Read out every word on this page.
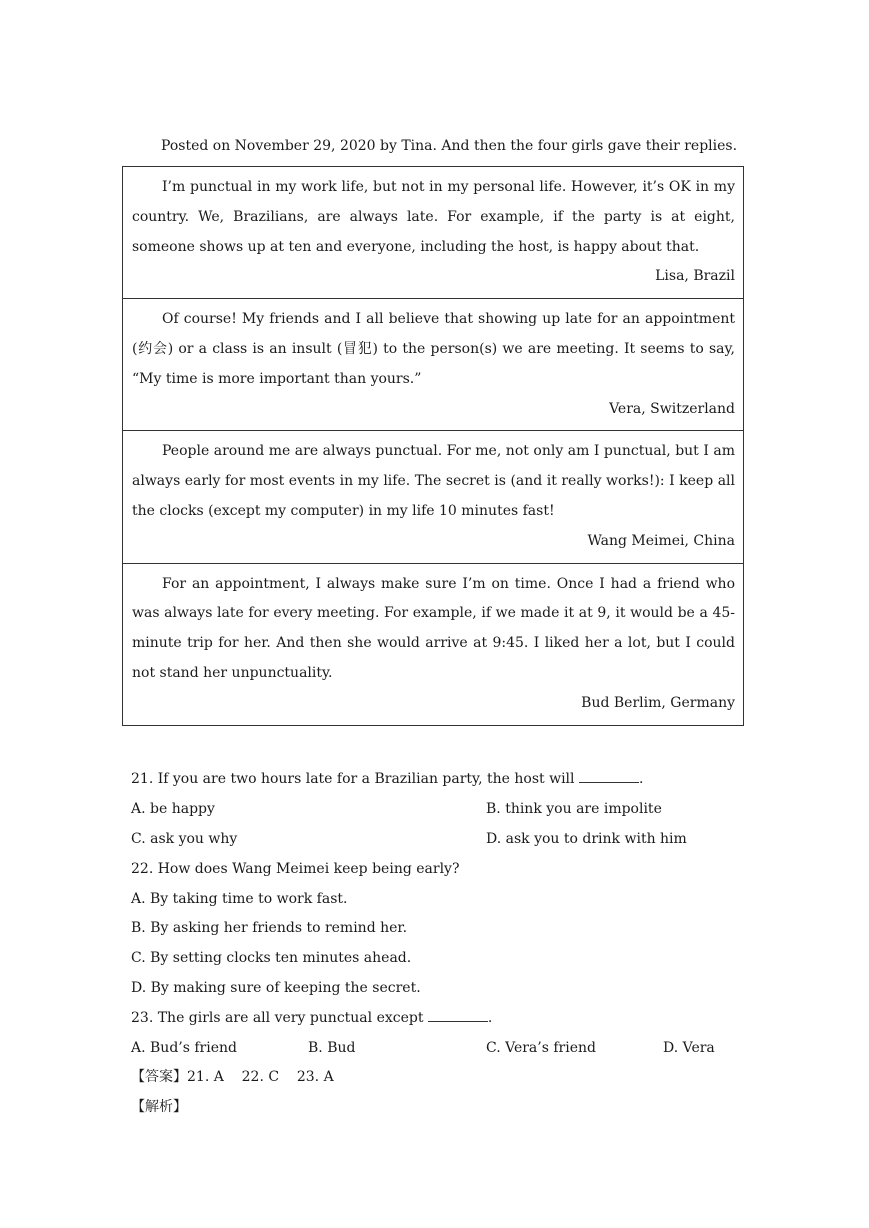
Posted on November 29, 2020 by Tina. And then the four girls gave their replies.
I’m punctual in my work life, but not in my personal life. However, it’s OK in my country. We, Brazilians, are always late. For example, if the party is at eight, someone shows up at ten and everyone, including the host, is happy about that.
Lisa, Brazil
Of course! My friends and I all believe that showing up late for an appointment (约会) or a class is an insult (冒犯) to the person(s) we are meeting. It seems to say, “My time is more important than yours.”
Vera, Switzerland
People around me are always punctual. For me, not only am I punctual, but I am always early for most events in my life. The secret is (and it really works!): I keep all the clocks (except my computer) in my life 10 minutes fast!
Wang Meimei, China
For an appointment, I always make sure I’m on time. Once I had a friend who was always late for every meeting. For example, if we made it at 9, it would be a 45-minute trip for her. And then she would arrive at 9:45. I liked her a lot, but I could not stand her unpunctuality.
Bud Berlim, Germany
21. If you are two hours late for a Brazilian party, the host will	.
A. be happy	B. think you are impolite
C. ask you why	D. ask you to drink with him
22. How does Wang Meimei keep being early?
A. By taking time to work fast.
B. By asking her friends to remind her.
C. By setting clocks ten minutes ahead.
D. By making sure of keeping the secret.
23. The girls are all very punctual except	.
A. Bud’s friend	B. Bud	C. Vera’s friend	D. Vera
【答案】21. A    22. C    23. A
【解析】
